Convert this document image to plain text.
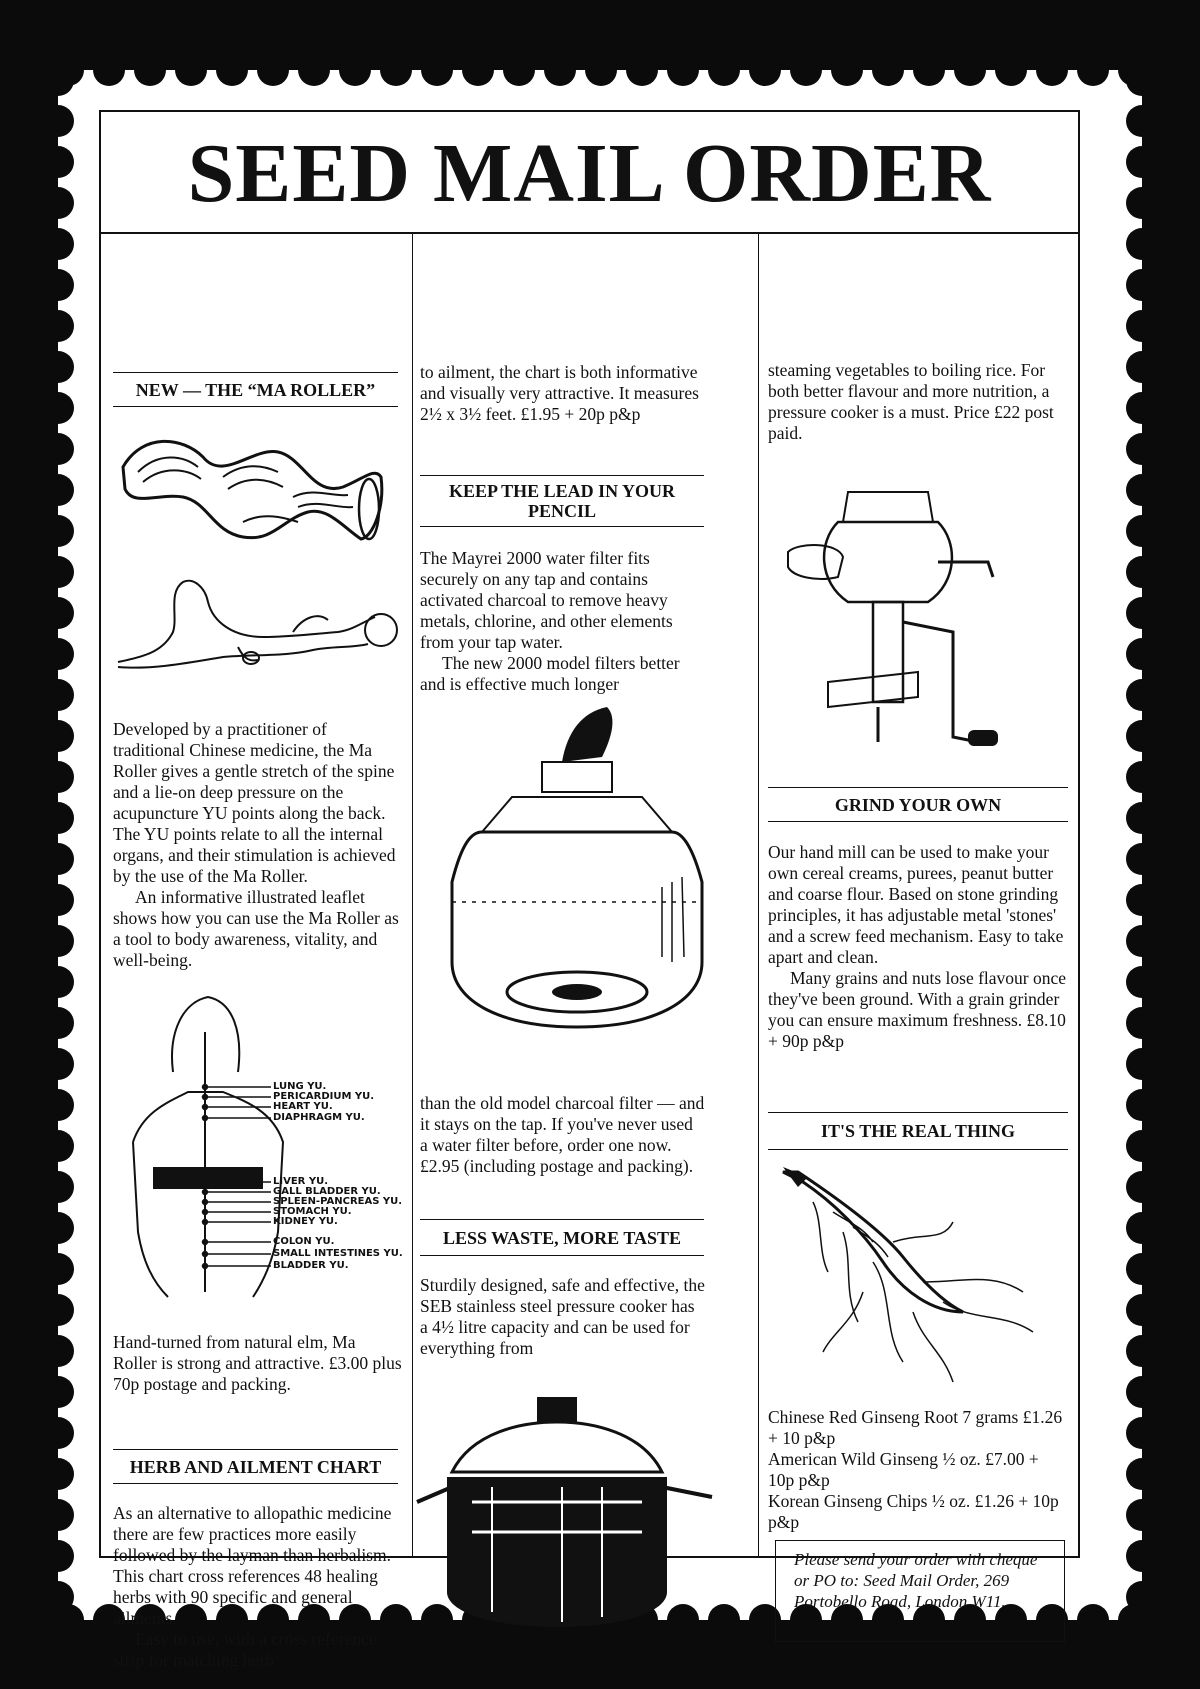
SEED MAIL ORDER
NEW — THE “MA ROLLER”
Developed by a practitioner of traditional Chinese medicine, the Ma Roller gives a gentle stretch of the spine and a lie-on deep pressure on the acupuncture YU points along the back. The YU points relate to all the internal organs, and their stimulation is achieved by the use of the Ma Roller.
An informative illustrated leaflet shows how you can use the Ma Roller as a tool to body awareness, vitality, and well-being.
LUNG YU.
PERICARDIUM YU.
HEART YU.
DIAPHRAGM YU.
LIVER YU.
GALL BLADDER YU.
SPLEEN-PANCREAS YU.
STOMACH YU.
KIDNEY YU.
COLON YU.
SMALL INTESTINES YU.
BLADDER YU.
Hand-turned from natural elm, Ma Roller is strong and attractive. £3.00 plus 70p postage and packing.
HERB AND AILMENT CHART
As an alternative to allopathic medicine there are few practices more easily followed by the layman than herbalism. This chart cross references 48 healing herbs with 90 specific and general ailments.
Easy to use, with a cross reference strip for matching herb
to ailment, the chart is both informative and visually very attractive. It measures 2½ x 3½ feet. £1.95 + 20p p&p
KEEP THE LEAD IN YOUR PENCIL
The Mayrei 2000 water filter fits securely on any tap and contains activated charcoal to remove heavy metals, chlorine, and other elements from your tap water.
The new 2000 model filters better and is effective much longer
than the old model charcoal filter — and it stays on the tap. If you've never used a water filter before, order one now. £2.95 (including postage and packing).
LESS WASTE, MORE TASTE
Sturdily designed, safe and effective, the SEB stainless steel pressure cooker has a 4½ litre capacity and can be used for everything from
steaming vegetables to boiling rice. For both better flavour and more nutrition, a pressure cooker is a must. Price £22 post paid.
GRIND YOUR OWN
Our hand mill can be used to make your own cereal creams, purees, peanut butter and coarse flour. Based on stone grinding principles, it has adjustable metal 'stones' and a screw feed mechanism. Easy to take apart and clean.
Many grains and nuts lose flavour once they've been ground. With a grain grinder you can ensure maximum freshness. £8.10 + 90p p&p
IT'S THE REAL THING
Chinese Red Ginseng Root 7 grams £1.26 + 10 p&p
American Wild Ginseng ½ oz. £7.00 + 10p p&p
Korean Ginseng Chips ½ oz. £1.26 + 10p p&p
Please send your order with cheque or PO to: Seed Mail Order, 269 Portobello Road, London W11.
